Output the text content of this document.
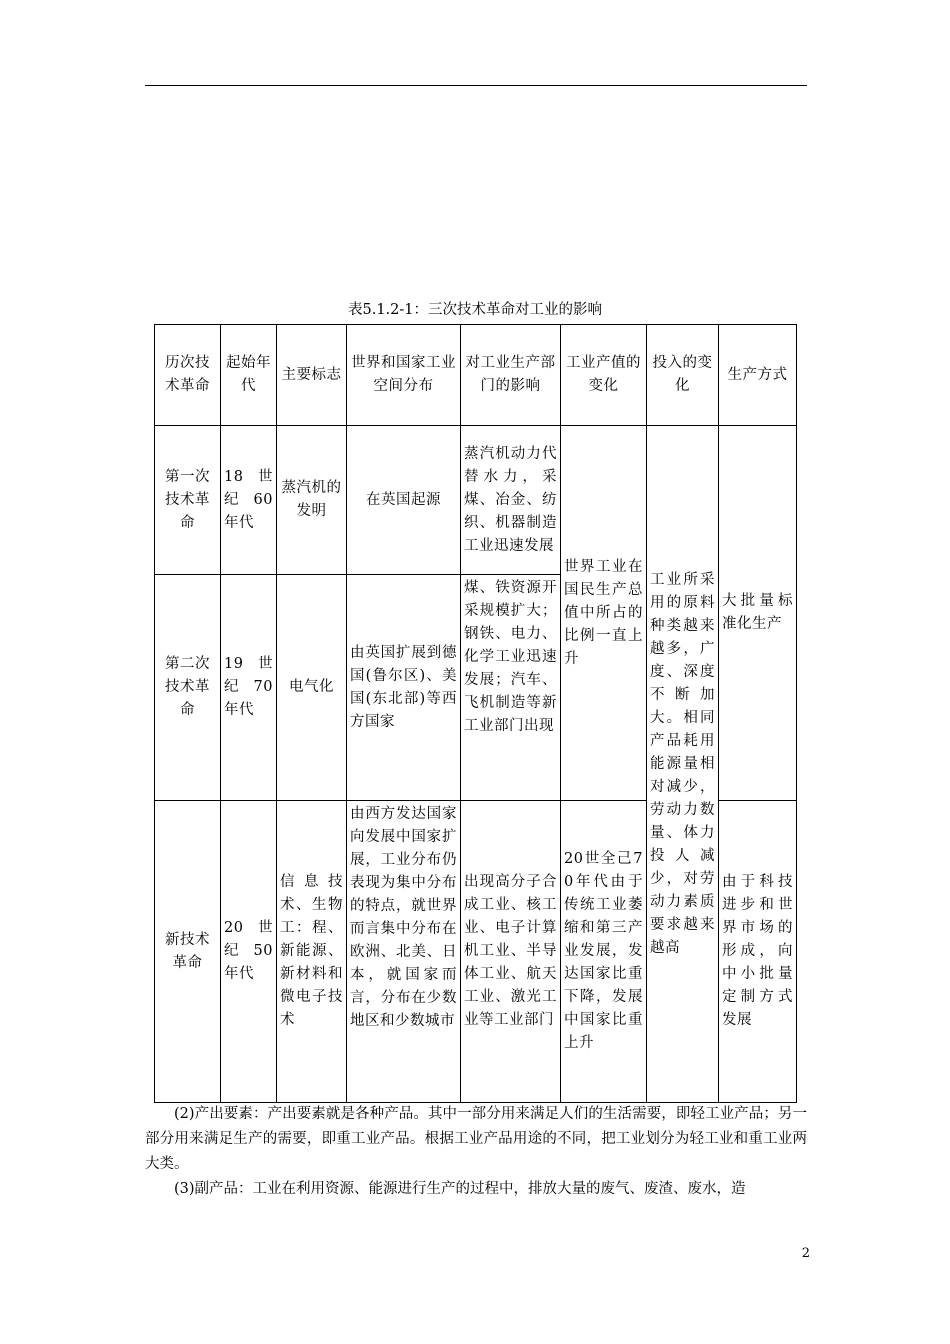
表5.1.2-1：三次技术革命对工业的影响
历次技术革命	起始年代	主要标志	世界和国家工业空间分布	对工业生产部门的影响	工业产值的变化	投入的变化	生产方式
第一次技术革命	18世纪60年代	蒸汽机的发明	在英国起源	蒸汽机动力代替水力，采煤、冶金、纺织、机器制造工业迅速发展	世界工业在国民生产总值中所占的比例一直上升	工业所采用的原料种类越来越多，广度、深度不断加大。相同产品耗用能源量相对减少，劳动力数量、体力投人减少，对劳动力素质要求越来越高	大批量标准化生产
第二次技术革命	19世纪70年代	电气化	由英国扩展到德国(鲁尔区)、美国(东北部)等西方国家	煤、铁资源开采规模扩大；钢铁、电力、化学工业迅速发展；汽车、飞机制造等新工业部门出现			
新技术革命	20世纪50年代	信息技术、生物工：程、新能源、新材料和微电子技术	由西方发达国家向发展中国家扩展，工业分布仍表现为集中分布的特点，就世界而言集中分布在欧洲、北美、日本，就国家而言，分布在少数地区和少数城市	出现高分子合成工业、核工业、电子计算机工业、半导体工业、航天工业、激光工业等工业部门	20世全己70年代由于传统工业萎缩和第三产业发展，发达国家比重下降，发展中国家比重上升		由于科技进步和世界市场的形成，向中小批量定制方式发展
(2)产出要素：产出要素就是各种产品。其中一部分用来满足人们的生活需要，即轻工业产品；另一部分用来满足生产的需要，即重工业产品。根据工业产品用途的不同，把工业划分为轻工业和重工业两大类。
(3)副产品：工业在利用资源、能源进行生产的过程中，排放大量的废气、废渣、废水，造
2
